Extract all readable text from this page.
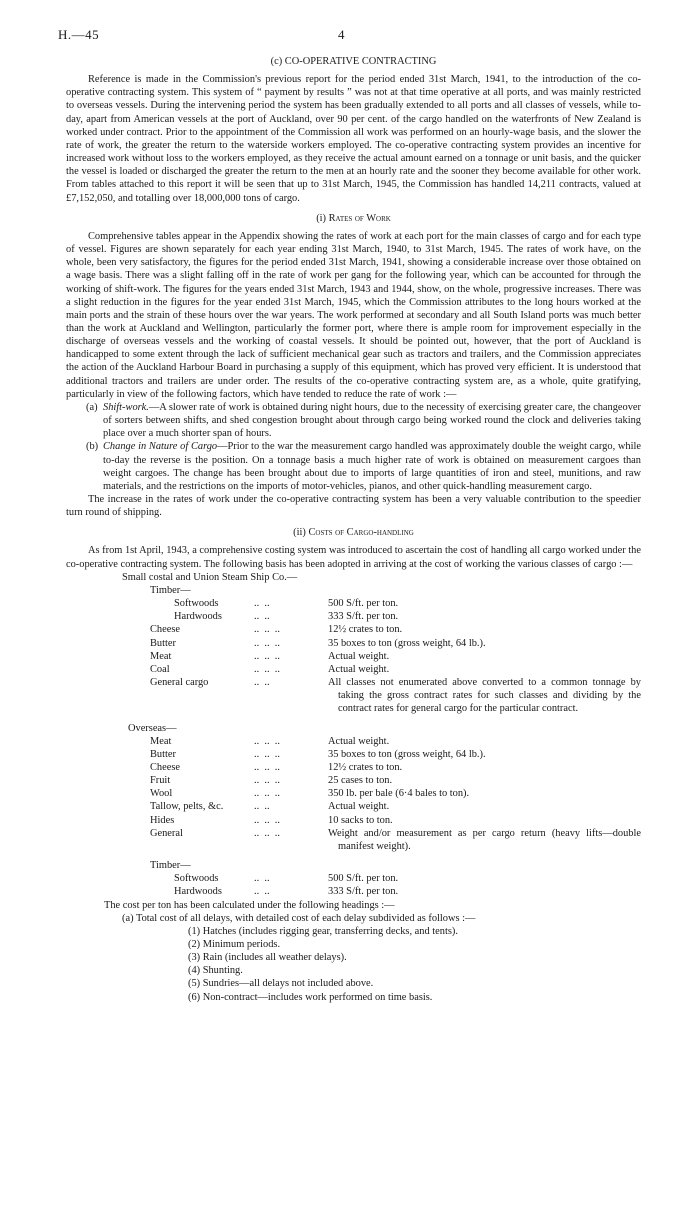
H.—45	4
(c) CO-OPERATIVE CONTRACTING

Reference is made in the Commission's previous report for the period ended 31st March, 1941, to the introduction of the co-operative contracting system. This system of “ payment by results ” was not at that time operative at all ports, and was mainly restricted to overseas vessels. During the intervening period the system has been gradually extended to all ports and all classes of vessels, while to-day, apart from American vessels at the port of Auckland, over 90 per cent. of the cargo handled on the waterfronts of New Zealand is worked under contract. Prior to the appointment of the Commission all work was performed on an hourly-wage basis, and the slower the rate of work, the greater the return to the waterside workers employed. The co-operative contracting system provides an incentive for increased work without loss to the workers employed, as they receive the actual amount earned on a tonnage or unit basis, and the quicker the vessel is loaded or discharged the greater the return to the men at an hourly rate and the sooner they become available for other work. From tables attached to this report it will be seen that up to 31st March, 1945, the Commission has handled 14,211 contracts, valued at £7,152,050, and totalling over 18,000,000 tons of cargo.

(i) Rates of Work

Comprehensive tables appear in the Appendix showing the rates of work at each port for the main classes of cargo and for each type of vessel. Figures are shown separately for each year ending 31st March, 1940, to 31st March, 1945. The rates of work have, on the whole, been very satisfactory, the figures for the period ended 31st March, 1941, showing a considerable increase over those obtained on a wage basis. There was a slight falling off in the rate of work per gang for the following year, which can be accounted for through the working of shift-work. The figures for the years ended 31st March, 1943 and 1944, show, on the whole, progressive increases. There was a slight reduction in the figures for the year ended 31st March, 1945, which the Commission attributes to the long hours worked at the main ports and the strain of these hours over the war years. The work performed at secondary and all South Island ports was much better than the work at Auckland and Wellington, particularly the former port, where there is ample room for improvement especially in the discharge of overseas vessels and the working of coastal vessels. It should be pointed out, however, that the port of Auckland is handicapped to some extent through the lack of sufficient mechanical gear such as tractors and trailers, and the Commission appreciates the action of the Auckland Harbour Board in purchasing a supply of this equipment, which has proved very efficient. It is understood that additional tractors and trailers are under order. The results of the co-operative contracting system are, as a whole, quite gratifying, particularly in view of the following factors, which have tended to reduce the rate of work :—

(a) Shift-work.—A slower rate of work is obtained during night hours, due to the necessity of exercising greater care, the changeover of sorters between shifts, and shed congestion brought about through cargo being worked round the clock and deliveries taking place over a much shorter span of hours.
(b) Change in Nature of Cargo—Prior to the war the measurement cargo handled was approximately double the weight cargo, while to-day the reverse is the position. On a tonnage basis a much higher rate of work is obtained on measurement cargoes than weight cargoes. The change has been brought about due to imports of large quantities of iron and steel, munitions, and raw materials, and the restrictions on the imports of motor-vehicles, pianos, and other quick-handling measurement cargo.

The increase in the rates of work under the co-operative contracting system has been a very valuable contribution to the speedier turn round of shipping.

(ii) Costs of Cargo-handling

As from 1st April, 1943, a comprehensive costing system was introduced to ascertain the cost of handling all cargo worked under the co-operative contracting system. The following basis has been adopted in arriving at the cost of working the various classes of cargo :—

Small costal and Union Steam Ship Co.—
Timber—
Softwoods	..  ..	500 S/ft. per ton.
Hardwoods	..  ..	333 S/ft. per ton.
Cheese	..  ..  ..	12½ crates to ton.
Butter	..  ..  ..	35 boxes to ton (gross weight, 64 lb.).
Meat	..  ..  ..	Actual weight.
Coal	..  ..  ..	Actual weight.
General cargo	..  ..	All classes not enumerated above converted to a common tonnage by taking the gross contract rates for such classes and dividing by the contract rates for general cargo for the particular contract.
Overseas—
Meat	..  ..  ..	Actual weight.
Butter	..  ..  ..	35 boxes to ton (gross weight, 64 lb.).
Cheese	..  ..  ..	12½ crates to ton.
Fruit	..  ..  ..	25 cases to ton.
Wool	..  ..  ..	350 lb. per bale (6·4 bales to ton).
Tallow, pelts, &c.	..  ..	Actual weight.
Hides	..  ..  ..	10 sacks to ton.
General	..  ..  ..	Weight and/or measurement as per cargo return (heavy lifts—double manifest weight).
Timber—
Softwoods	..  ..	500 S/ft. per ton.
Hardwoods	..  ..	333 S/ft. per ton.

The cost per ton has been calculated under the following headings :—

(a) Total cost of all delays, with detailed cost of each delay subdivided as follows :—
(1) Hatches (includes rigging gear, transferring decks, and tents).
(2) Minimum periods.
(3) Rain (includes all weather delays).
(4) Shunting.
(5) Sundries—all delays not included above.
(6) Non-contract—includes work performed on time basis.
